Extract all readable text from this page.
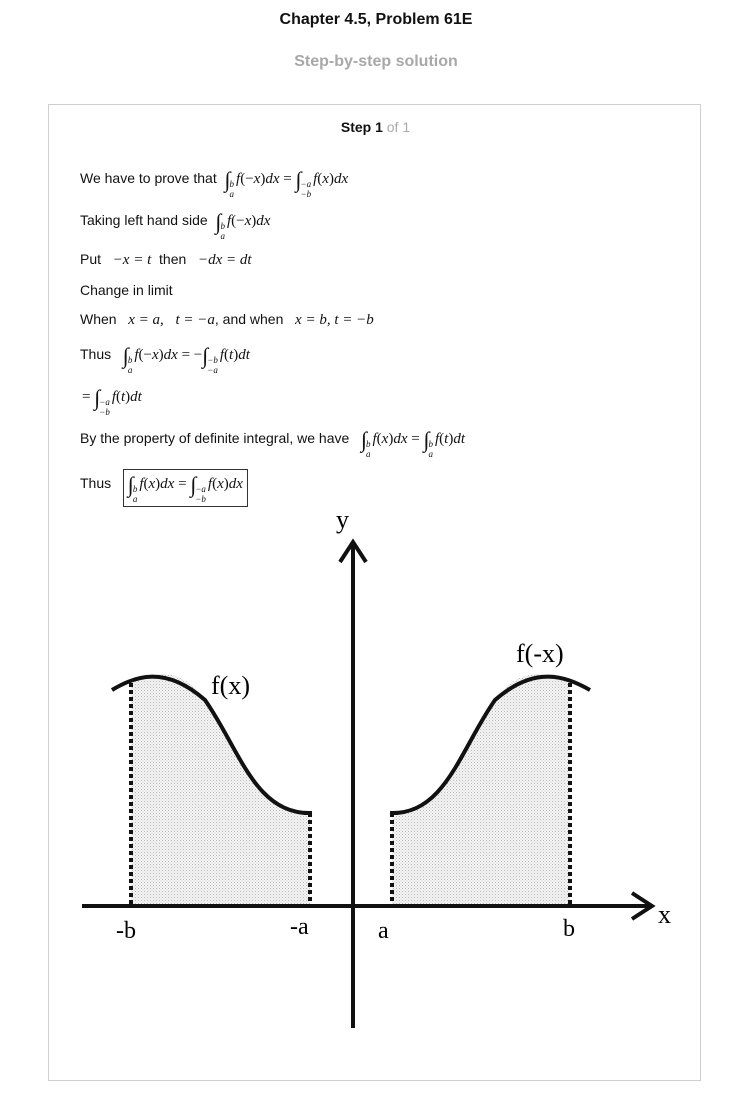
Chapter 4.5, Problem 61E
Step-by-step solution
Step 1 of 1
We have to prove that ∫ b
a
f(−x)dx = ∫ −a
−b
f(x)dx
Taking left hand side ∫ b
a
f(−x)dx
Put −x = t then −dx = dt
Change in limit
When x = a, t = −a, and when x = b, t = −b
Thus ∫ b
a
f(−x)dx = −∫ −b
−a
f(t)dt
= ∫ −a
−b
f(t)dt
By the property of definite integral, we have ∫ b
a
f(x)dx = ∫ b
a
f(t)dt
Thus ∫ b
a
f(x)dx = ∫ −a
−b
f(x)dx
y
x
f(x)
f(-x)
-b	-a	a	b
